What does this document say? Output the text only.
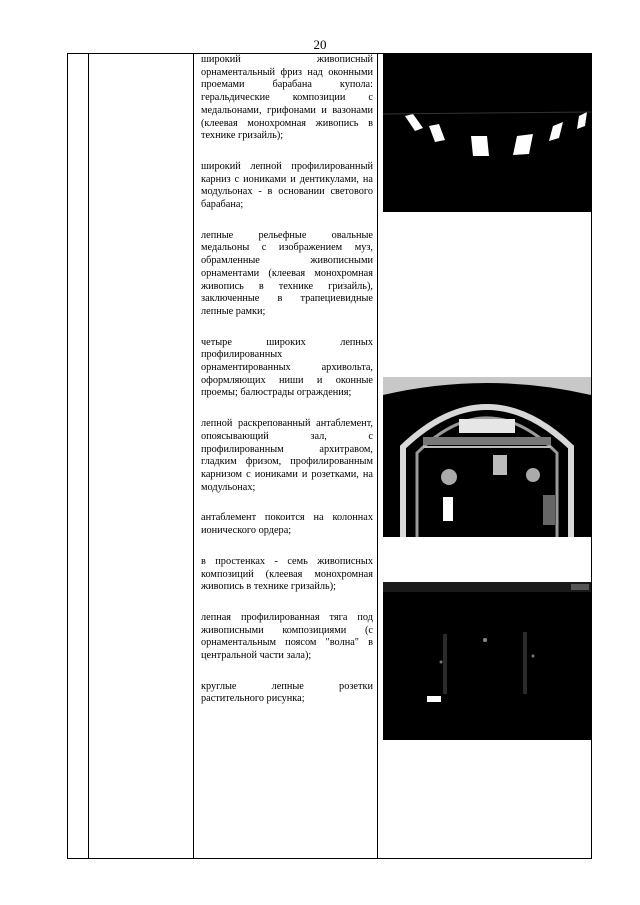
20

широкий живописный орнаментальный фриз над оконными проемами барабана купола: геральдические композиции с медальонами, грифонами и вазонами (клеевая монохромная живопись в технике гризайль);

широкий лепной профилированный карниз с иониками и дентикулами, на модульонах - в основании светового барабана;

лепные рельефные овальные медальоны с изображением муз, обрамленные живописными орнаментами (клеевая монохромная живопись в технике гризайль), заключенные в трапециевидные лепные рамки;

четыре широких лепных профилированных орнаментированных архивольта, оформляющих ниши и оконные проемы; балюстрады ограждения;

лепной раскрепованный антаблемент, опоясывающий зал, с профилированным архитравом, гладким фризом, профилированным карнизом с иониками и розетками, на модульонах;

антаблемент покоится на колоннах ионического ордера;

в простенках - семь живописных композиций (клеевая монохромная живопись в технике гризайль);

лепная профилированная тяга под живописными композициями (с орнаментальным поясом "волна" в центральной части зала);

круглые лепные розетки растительного рисунка;
